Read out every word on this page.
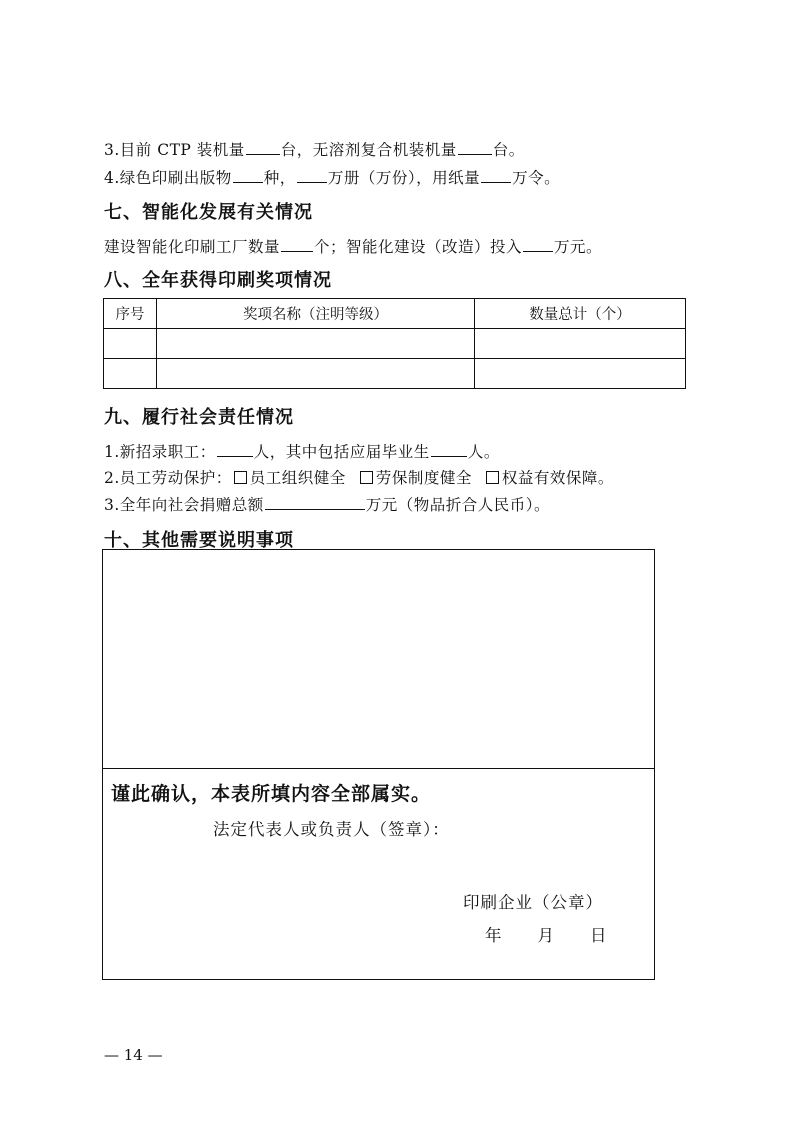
3.目前 CTP 装机量 台，无溶剂复合机装机量 台。
4.绿色印刷出版物 种， 万册（万份），用纸量 万令。
七、智能化发展有关情况
建设智能化印刷工厂数量 个；智能化建设（改造）投入 万元。
八、全年获得印刷奖项情况
序号	奖项名称（注明等级）	数量总计（个）

九、履行社会责任情况
1.新招录职工： 人，其中包括应届毕业生 人。
2.员工劳动保护： 员工组织健全 劳保制度健全 权益有效保障。
3.全年向社会捐赠总额	万元（物品折合人民币）。
十、其他需要说明事项
谨此确认，本表所填内容全部属实。
法定代表人或负责人（签章）：
印刷企业（公章）
年 月 日
— 14 —
